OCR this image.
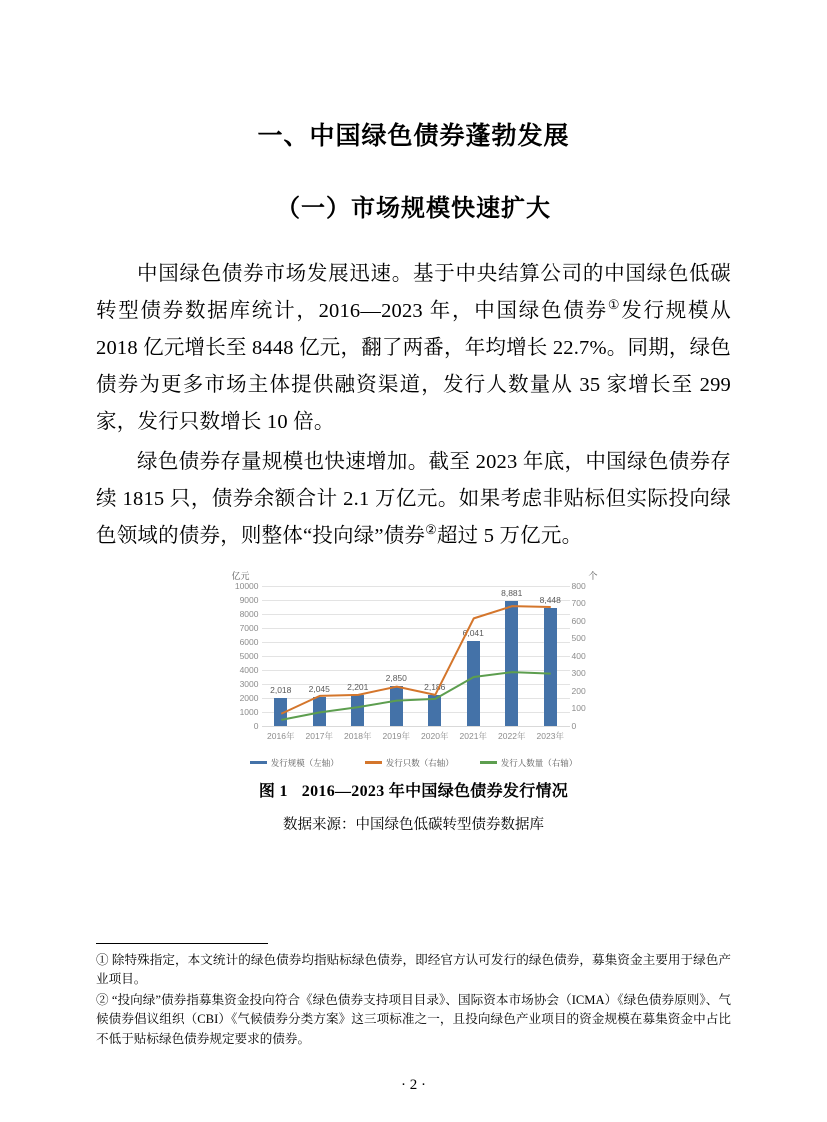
一、中国绿色债券蓬勃发展
（一）市场规模快速扩大

中国绿色债券市场发展迅速。基于中央结算公司的中国绿色低碳转型债券数据库统计，2016—2023 年，中国绿色债券①发行规模从 2018 亿元增长至 8448 亿元，翻了两番，年均增长 22.7%。同期，绿色债券为更多市场主体提供融资渠道，发行人数量从 35 家增长至 299 家，发行只数增长 10 倍。

绿色债券存量规模也快速增加。截至 2023 年底，中国绿色债券存续 1815 只，债券余额合计 2.1 万亿元。如果考虑非贴标但实际投向绿色领域的债券，则整体“投向绿”债券②超过 5 万亿元。

亿元	个
0
1000
2000
3000
4000
5000
6000
7000
8000
9000
10000
0
100
200
300
400
500
600
700
800
2,018 2,045 2,201
2,850
2,186
6,041
8,881
8,448
2016年 2017年 2018年 2019年 2020年 2021年 2022年 2023年
发行规模（左轴）	发行只数（右轴）	发行人数量（右轴）
图 1 2016—2023 年中国绿色债券发行情况
数据来源：中国绿色低碳转型债券数据库

① 除特殊指定，本文统计的绿色债券均指贴标绿色债券，即经官方认可发行的绿色债券，募集资金主要用于绿色产业项目。

② “投向绿”债券指募集资金投向符合《绿色债券支持项目目录》、国际资本市场协会（ICMA）《绿色债券原则》、气候债券倡议组织（CBI）《气候债券分类方案》这三项标准之一，且投向绿色产业项目的资金规模在募集资金中占比不低于贴标绿色债券规定要求的债券。

· 2 ·
